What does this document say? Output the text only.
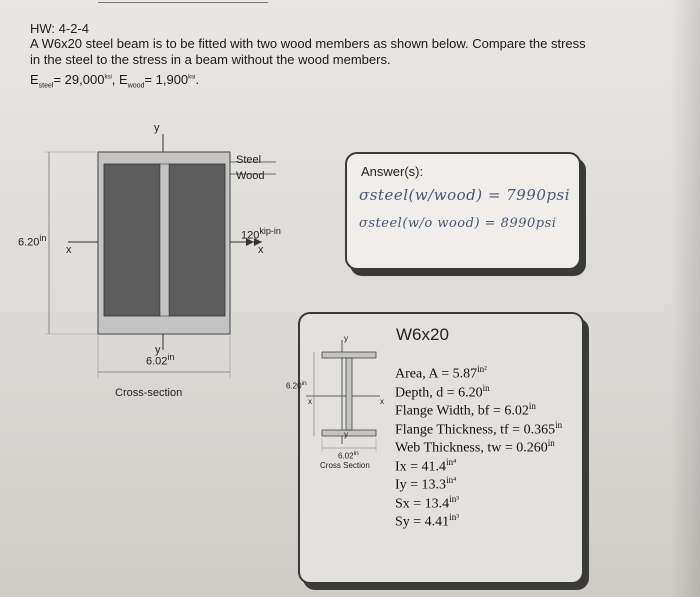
HW: 4-2-4
A W6x20 steel beam is to be fitted with two wood members as shown below. Compare the stress in the steel to the stress in a beam without the wood members.
$E_{steel}= 29,000^{ksi}$, $E_{wood}= 1,900^{ksi}$.
y
y
x	x
Steel
Wood
$6.20^{in}$
$6.02^{in}$
Cross-section
$120^{kip-in}$
Answer(s):
σsteel(w/wood) = 7990psi
σsteel(w/o wood) = 8990psi
W6x20
y
y
x	x
$6.20^{in}$
$6.02^{in}$
Cross Section
Area, $A = 5.87^{in^2}$
Depth, $d = 6.20^{in}$
Flange Width, bf = $6.02^{in}$
Flange Thickness, tf = $0.365^{in}$
Web Thickness, tw = $0.260^{in}$
$Ix = 41.4^{in^4}$
$Iy = 13.3^{in^4}$
$Sx = 13.4^{in^3}$
$Sy = 4.41^{in^3}$
